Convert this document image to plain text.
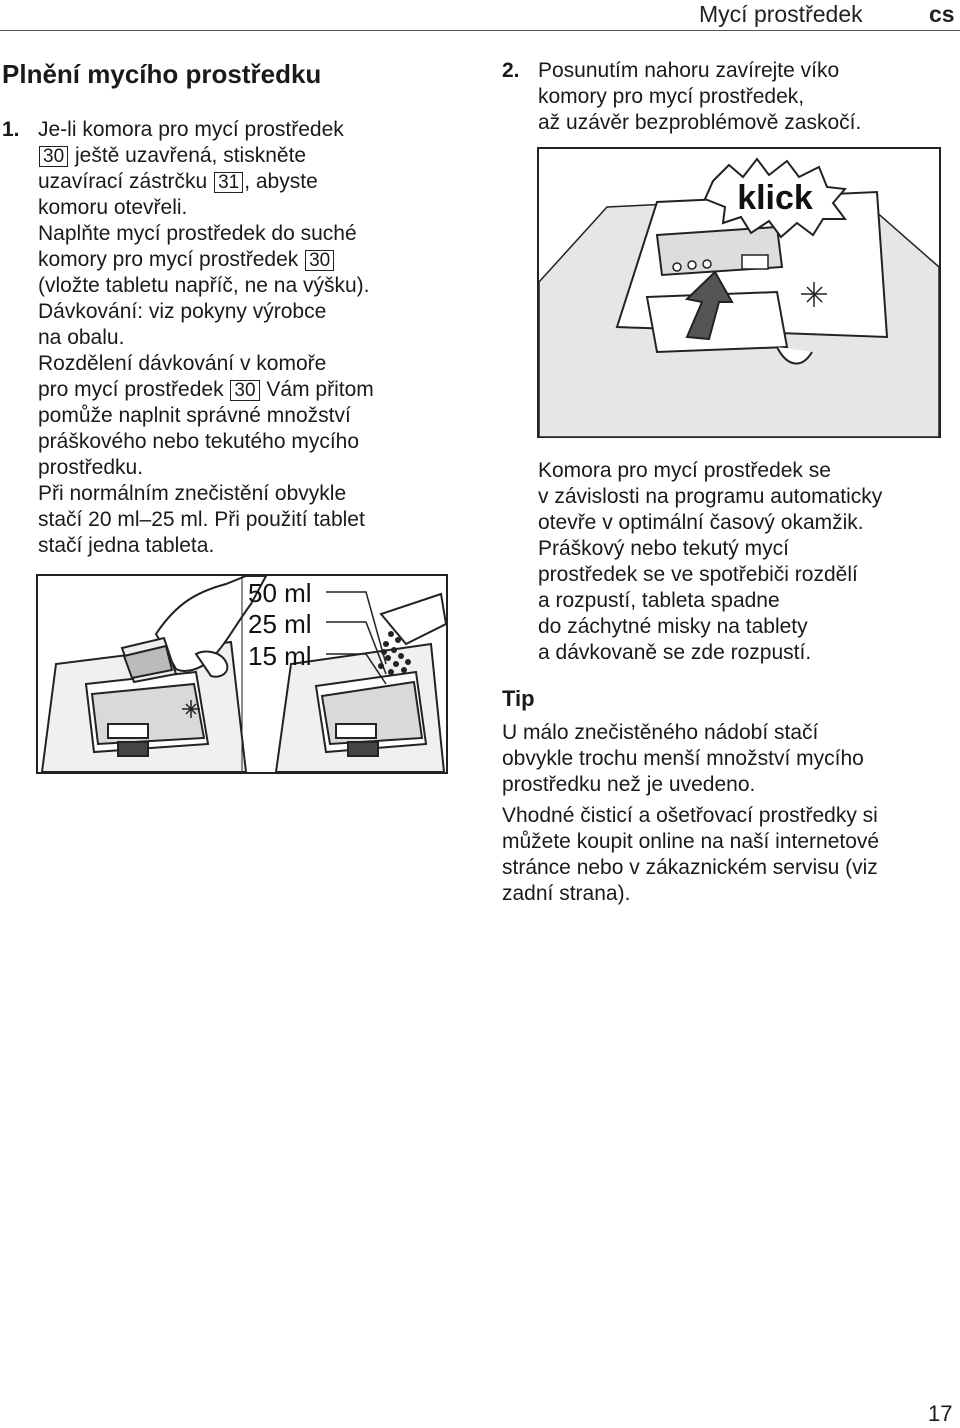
Mycí prostředek	cs
Plnění mycího prostředku
1. Je-li komora pro mycí prostředek
30 ještě uzavřená, stiskněte
uzavírací zástrčku 31 , abyste
komoru otevřeli.
Naplňte mycí prostředek do suché
komory pro mycí prostředek 30
(vložte tabletu napříč, ne na výšku).
Dávkování: viz pokyny výrobce
na obalu.
Rozdělení dávkování v komoře
pro mycí prostředek 30 Vám přitom
pomůže naplnit správné množství
práškového nebo tekutého mycího
prostředku.
Při normálním znečistění obvykle
stačí 20 ml–25 ml. Při použití tablet
stačí jedna tableta.
50 ml
25 ml
15 ml
2. Posunutím nahoru zavírejte víko
komory pro mycí prostředek,
až uzávěr bezproblémově zaskočí.
klick
Komora pro mycí prostředek se
v závislosti na programu automaticky
otevře v optimální časový okamžik.
Práškový nebo tekutý mycí
prostředek se ve spotřebiči rozdělí
a rozpustí, tableta spadne
do záchytné misky na tablety
a dávkovaně se zde rozpustí.
Tip
U málo znečistěného nádobí stačí
obvykle trochu menší množství mycího
prostředku než je uvedeno.
Vhodné čisticí a ošetřovací prostředky si
můžete koupit online na naší internetové
stránce nebo v zákaznickém servisu (viz
zadní strana).
17
